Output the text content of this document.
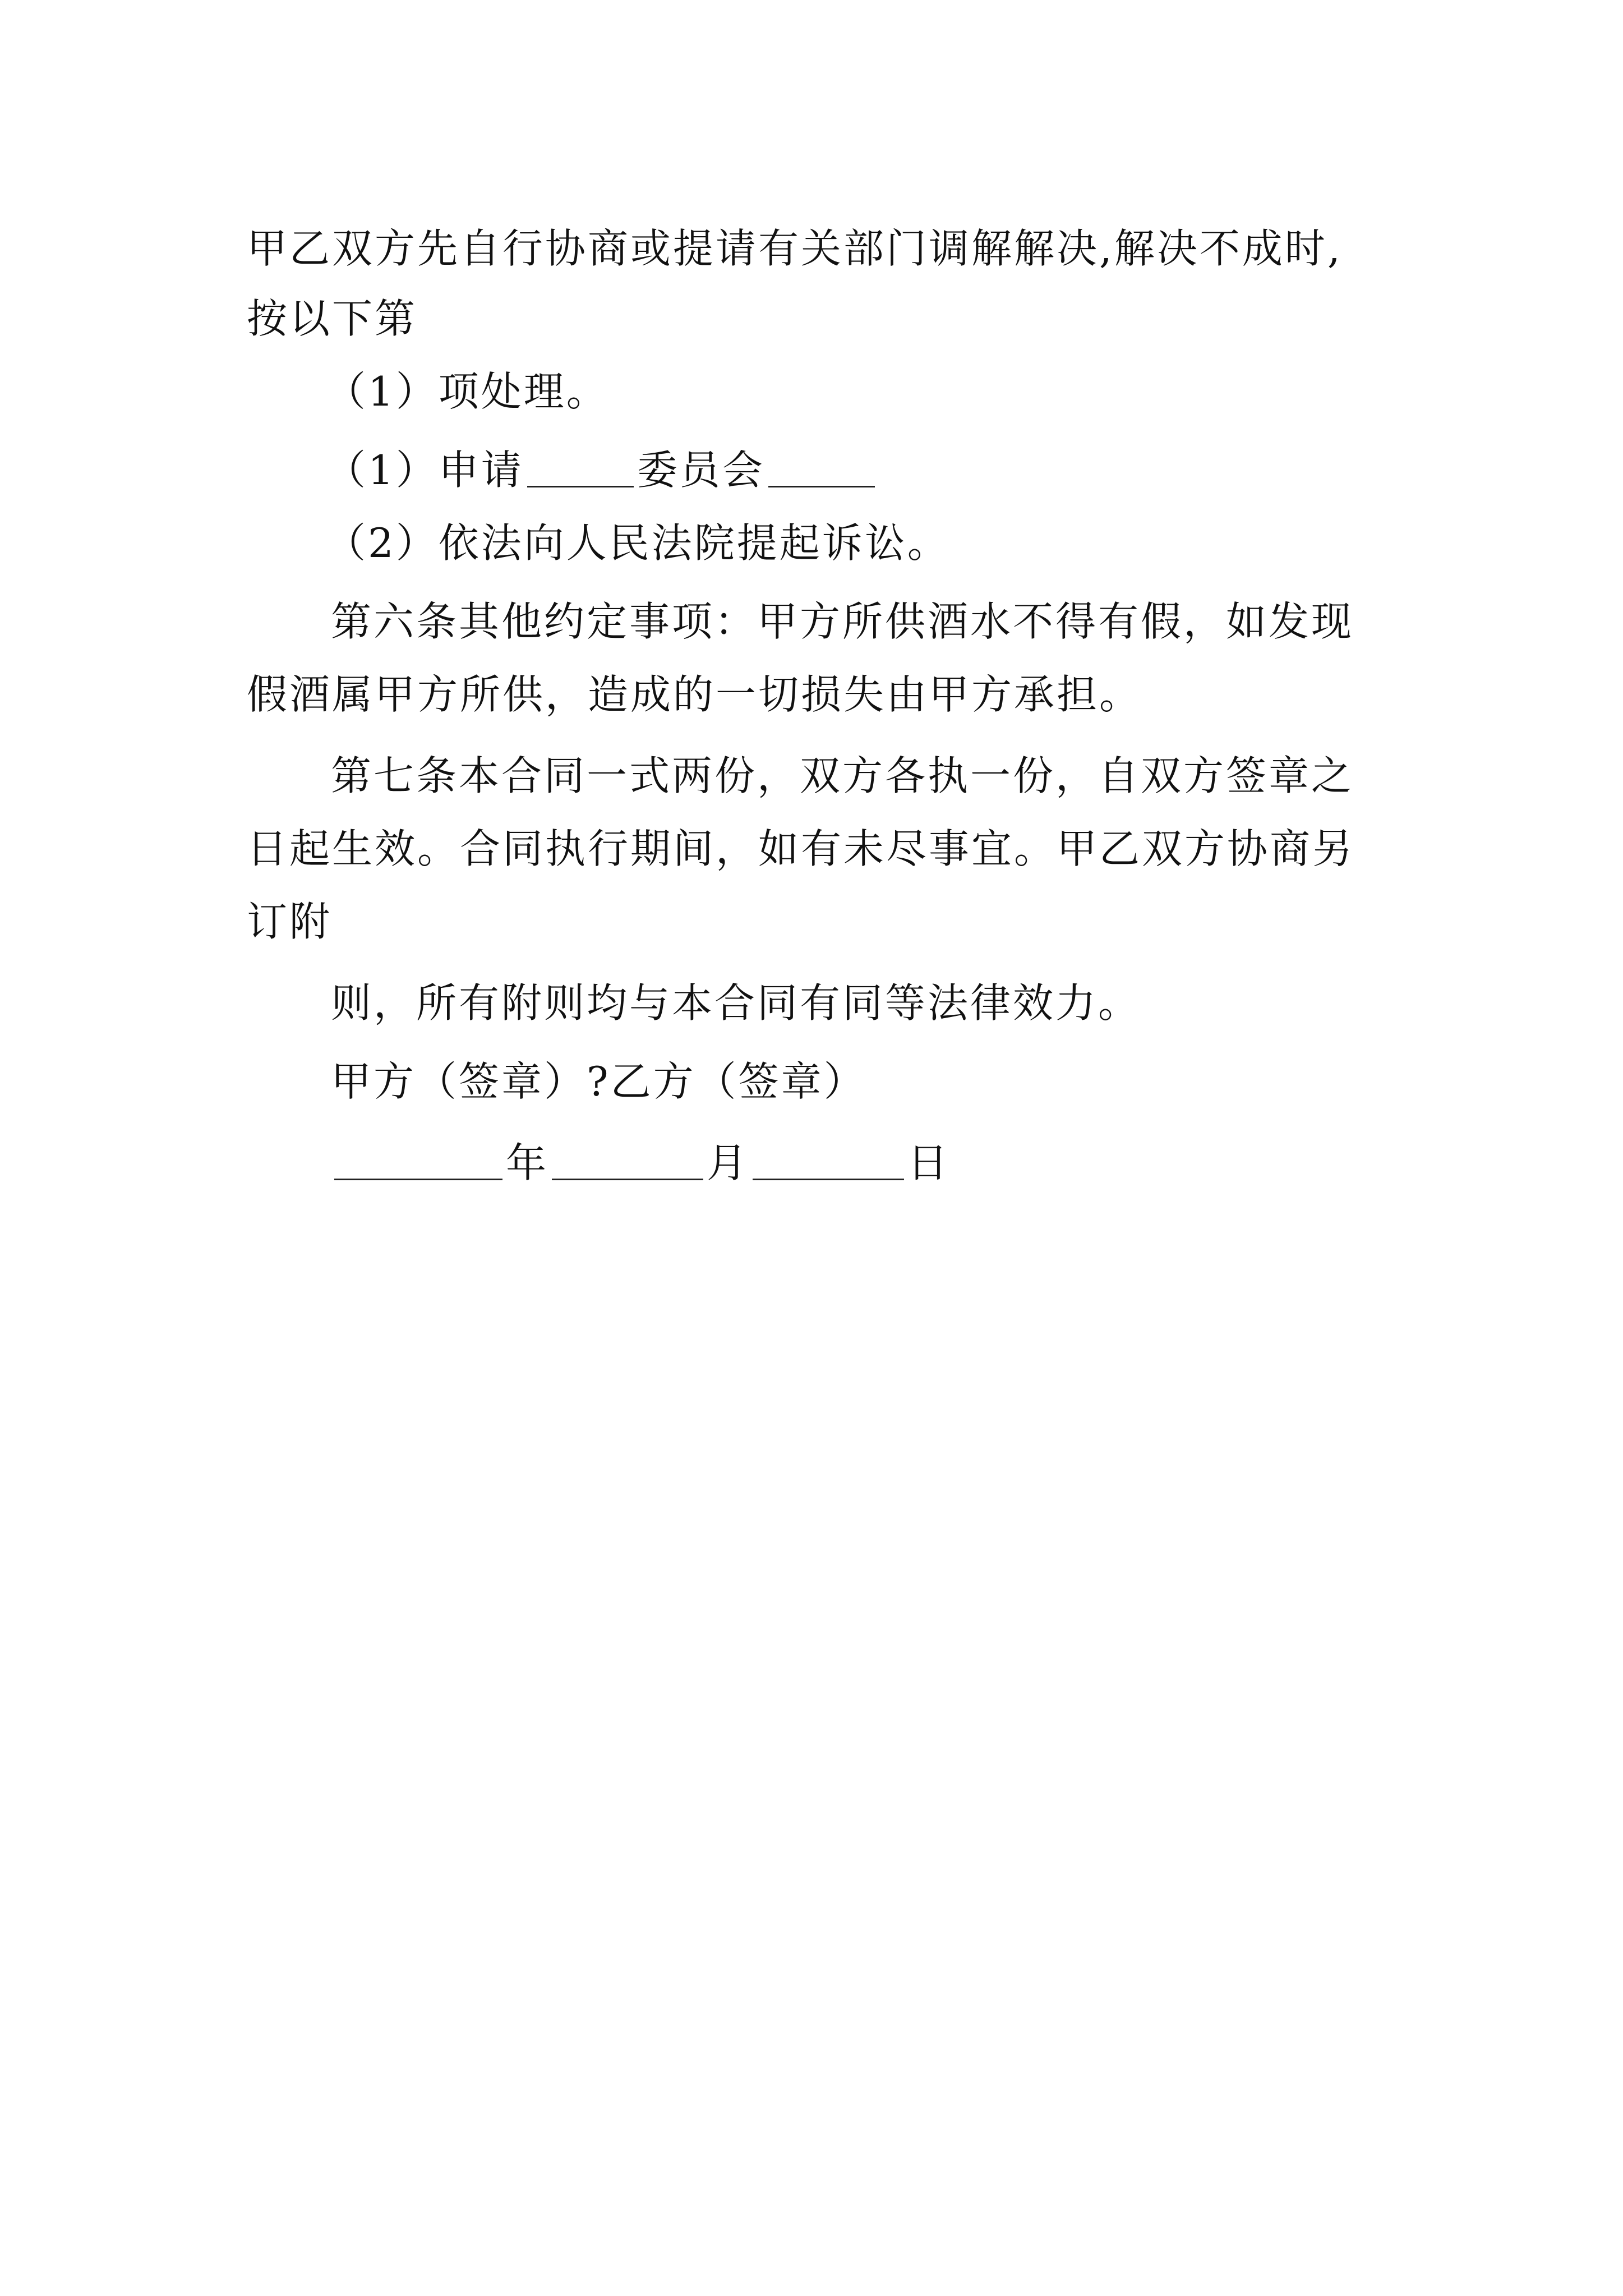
甲乙双方先自行协商或提请有关部门调解解决,解决不成时,
按以下第
（1）项处理。
（1）申请	委员会
（2）依法向人民法院提起诉讼。
第六条其他约定事项：甲方所供酒水不得有假，如发现
假酒属甲方所供，造成的一切损失由甲方承担。
第七条本合同一式两份，双方各执一份，自双方签章之
日起生效。合同执行期间，如有未尽事宜。甲乙双方协商另
订附
则，所有附则均与本合同有同等法律效力。
甲方（签章）?乙方（签章）
年	月	日
